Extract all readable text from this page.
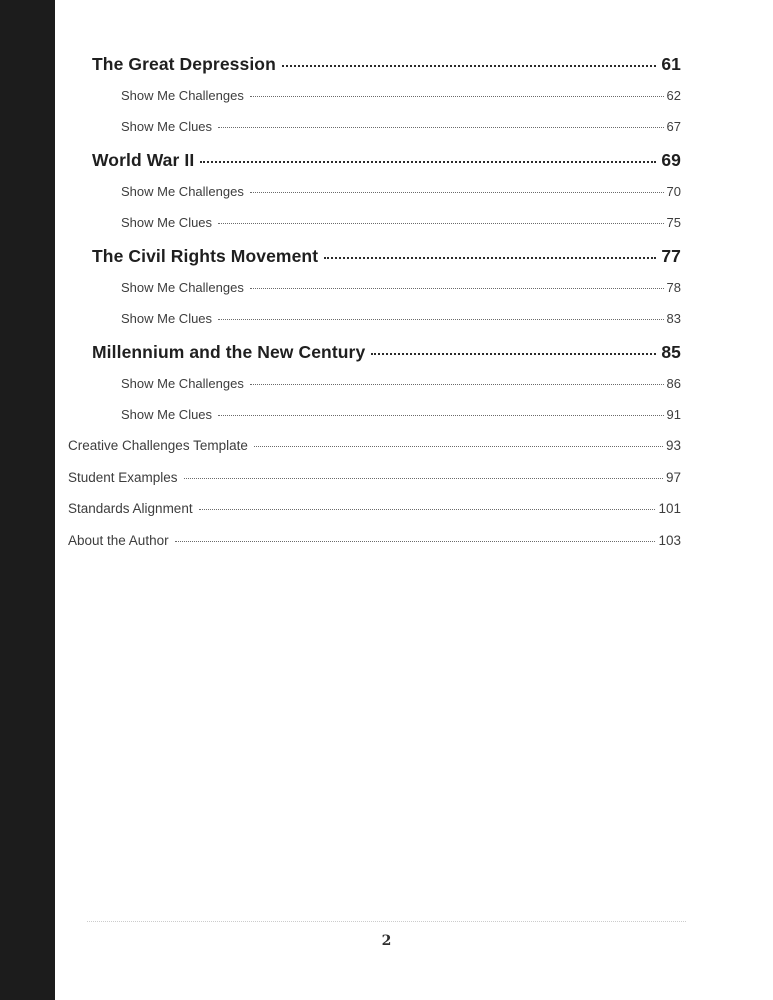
The Great Depression	61
Show Me Challenges	62
Show Me Clues	67
World War II	69
Show Me Challenges	70
Show Me Clues	75
The Civil Rights Movement	77
Show Me Challenges	78
Show Me Clues	83
Millennium and the New Century	85
Show Me Challenges	86
Show Me Clues	91
Creative Challenges Template	93
Student Examples	97
Standards Alignment	101
About the Author	103
2
